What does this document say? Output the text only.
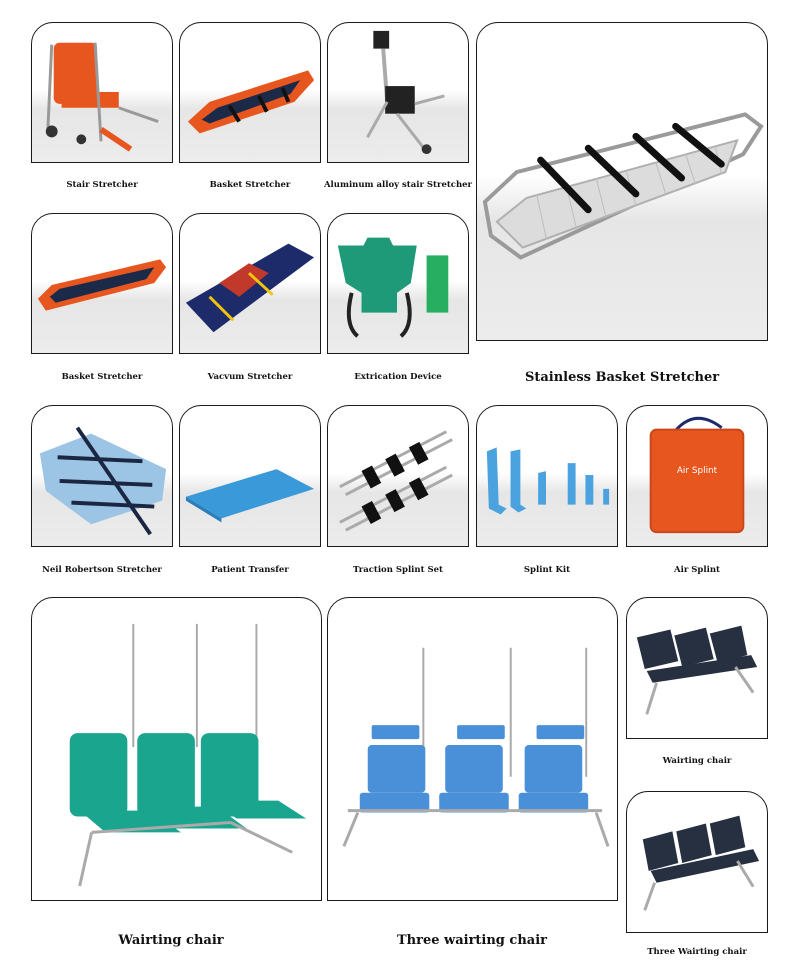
Stair Stretcher	Basket Stretcher	Aluminum alloy stair Stretcher
Stainless Basket Stretcher
Basket Stretcher	Vacvum Stretcher	Extrication Device
Neil Robertson Stretcher	Patient Transfer	Traction Splint Set	Splint Kit
Air Splint
Air Splint
Wairting chair	Three wairting chair
Wairting chair
Three Wairting chair
